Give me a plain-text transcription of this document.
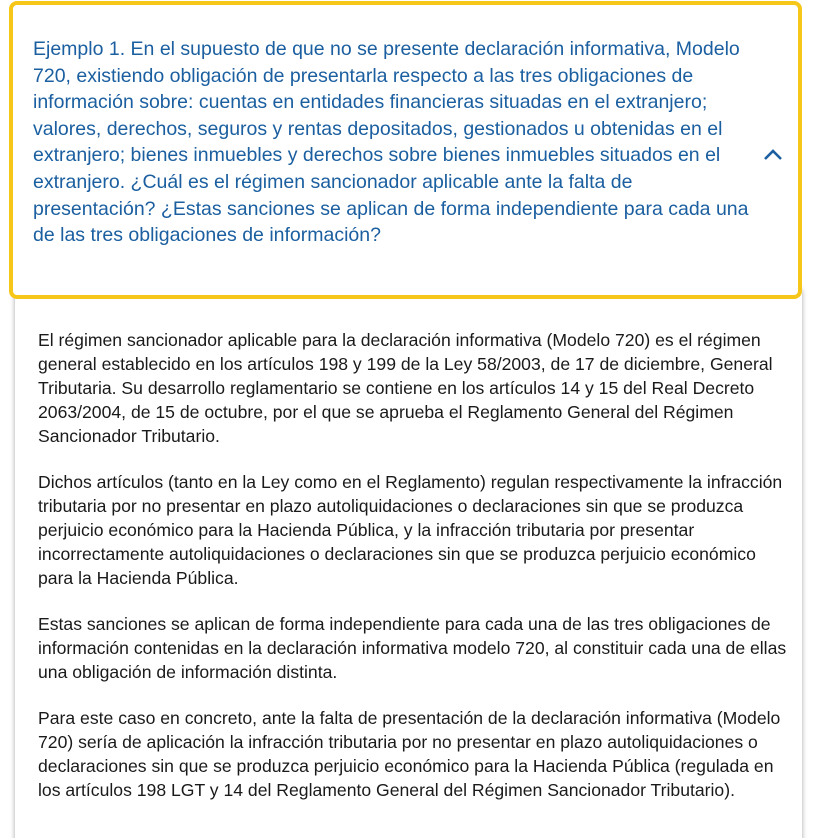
Ejemplo 1. En el supuesto de que no se presente declaración informativa, Modelo 720, existiendo obligación de presentarla respecto a las tres obligaciones de información sobre: cuentas en entidades financieras situadas en el extranjero; valores, derechos, seguros y rentas depositados, gestionados u obtenidas en el extranjero; bienes inmuebles y derechos sobre bienes inmuebles situados en el extranjero. ¿Cuál es el régimen sancionador aplicable ante la falta de presentación? ¿Estas sanciones se aplican de forma independiente para cada una de las tres obligaciones de información?

El régimen sancionador aplicable para la declaración informativa (Modelo 720) es el régimen general establecido en los artículos 198 y 199 de la Ley 58/2003, de 17 de diciembre, General Tributaria. Su desarrollo reglamentario se contiene en los artículos 14 y 15 del Real Decreto 2063/2004, de 15 de octubre, por el que se aprueba el Reglamento General del Régimen Sancionador Tributario.

Dichos artículos (tanto en la Ley como en el Reglamento) regulan respectivamente la infracción tributaria por no presentar en plazo autoliquidaciones o declaraciones sin que se produzca perjuicio económico para la Hacienda Pública, y la infracción tributaria por presentar incorrectamente autoliquidaciones o declaraciones sin que se produzca perjuicio económico para la Hacienda Pública.

Estas sanciones se aplican de forma independiente para cada una de las tres obligaciones de información contenidas en la declaración informativa modelo 720, al constituir cada una de ellas una obligación de información distinta.

Para este caso en concreto, ante la falta de presentación de la declaración informativa (Modelo 720) sería de aplicación la infracción tributaria por no presentar en plazo autoliquidaciones o declaraciones sin que se produzca perjuicio económico para la Hacienda Pública (regulada en los artículos 198 LGT y 14 del Reglamento General del Régimen Sancionador Tributario).
